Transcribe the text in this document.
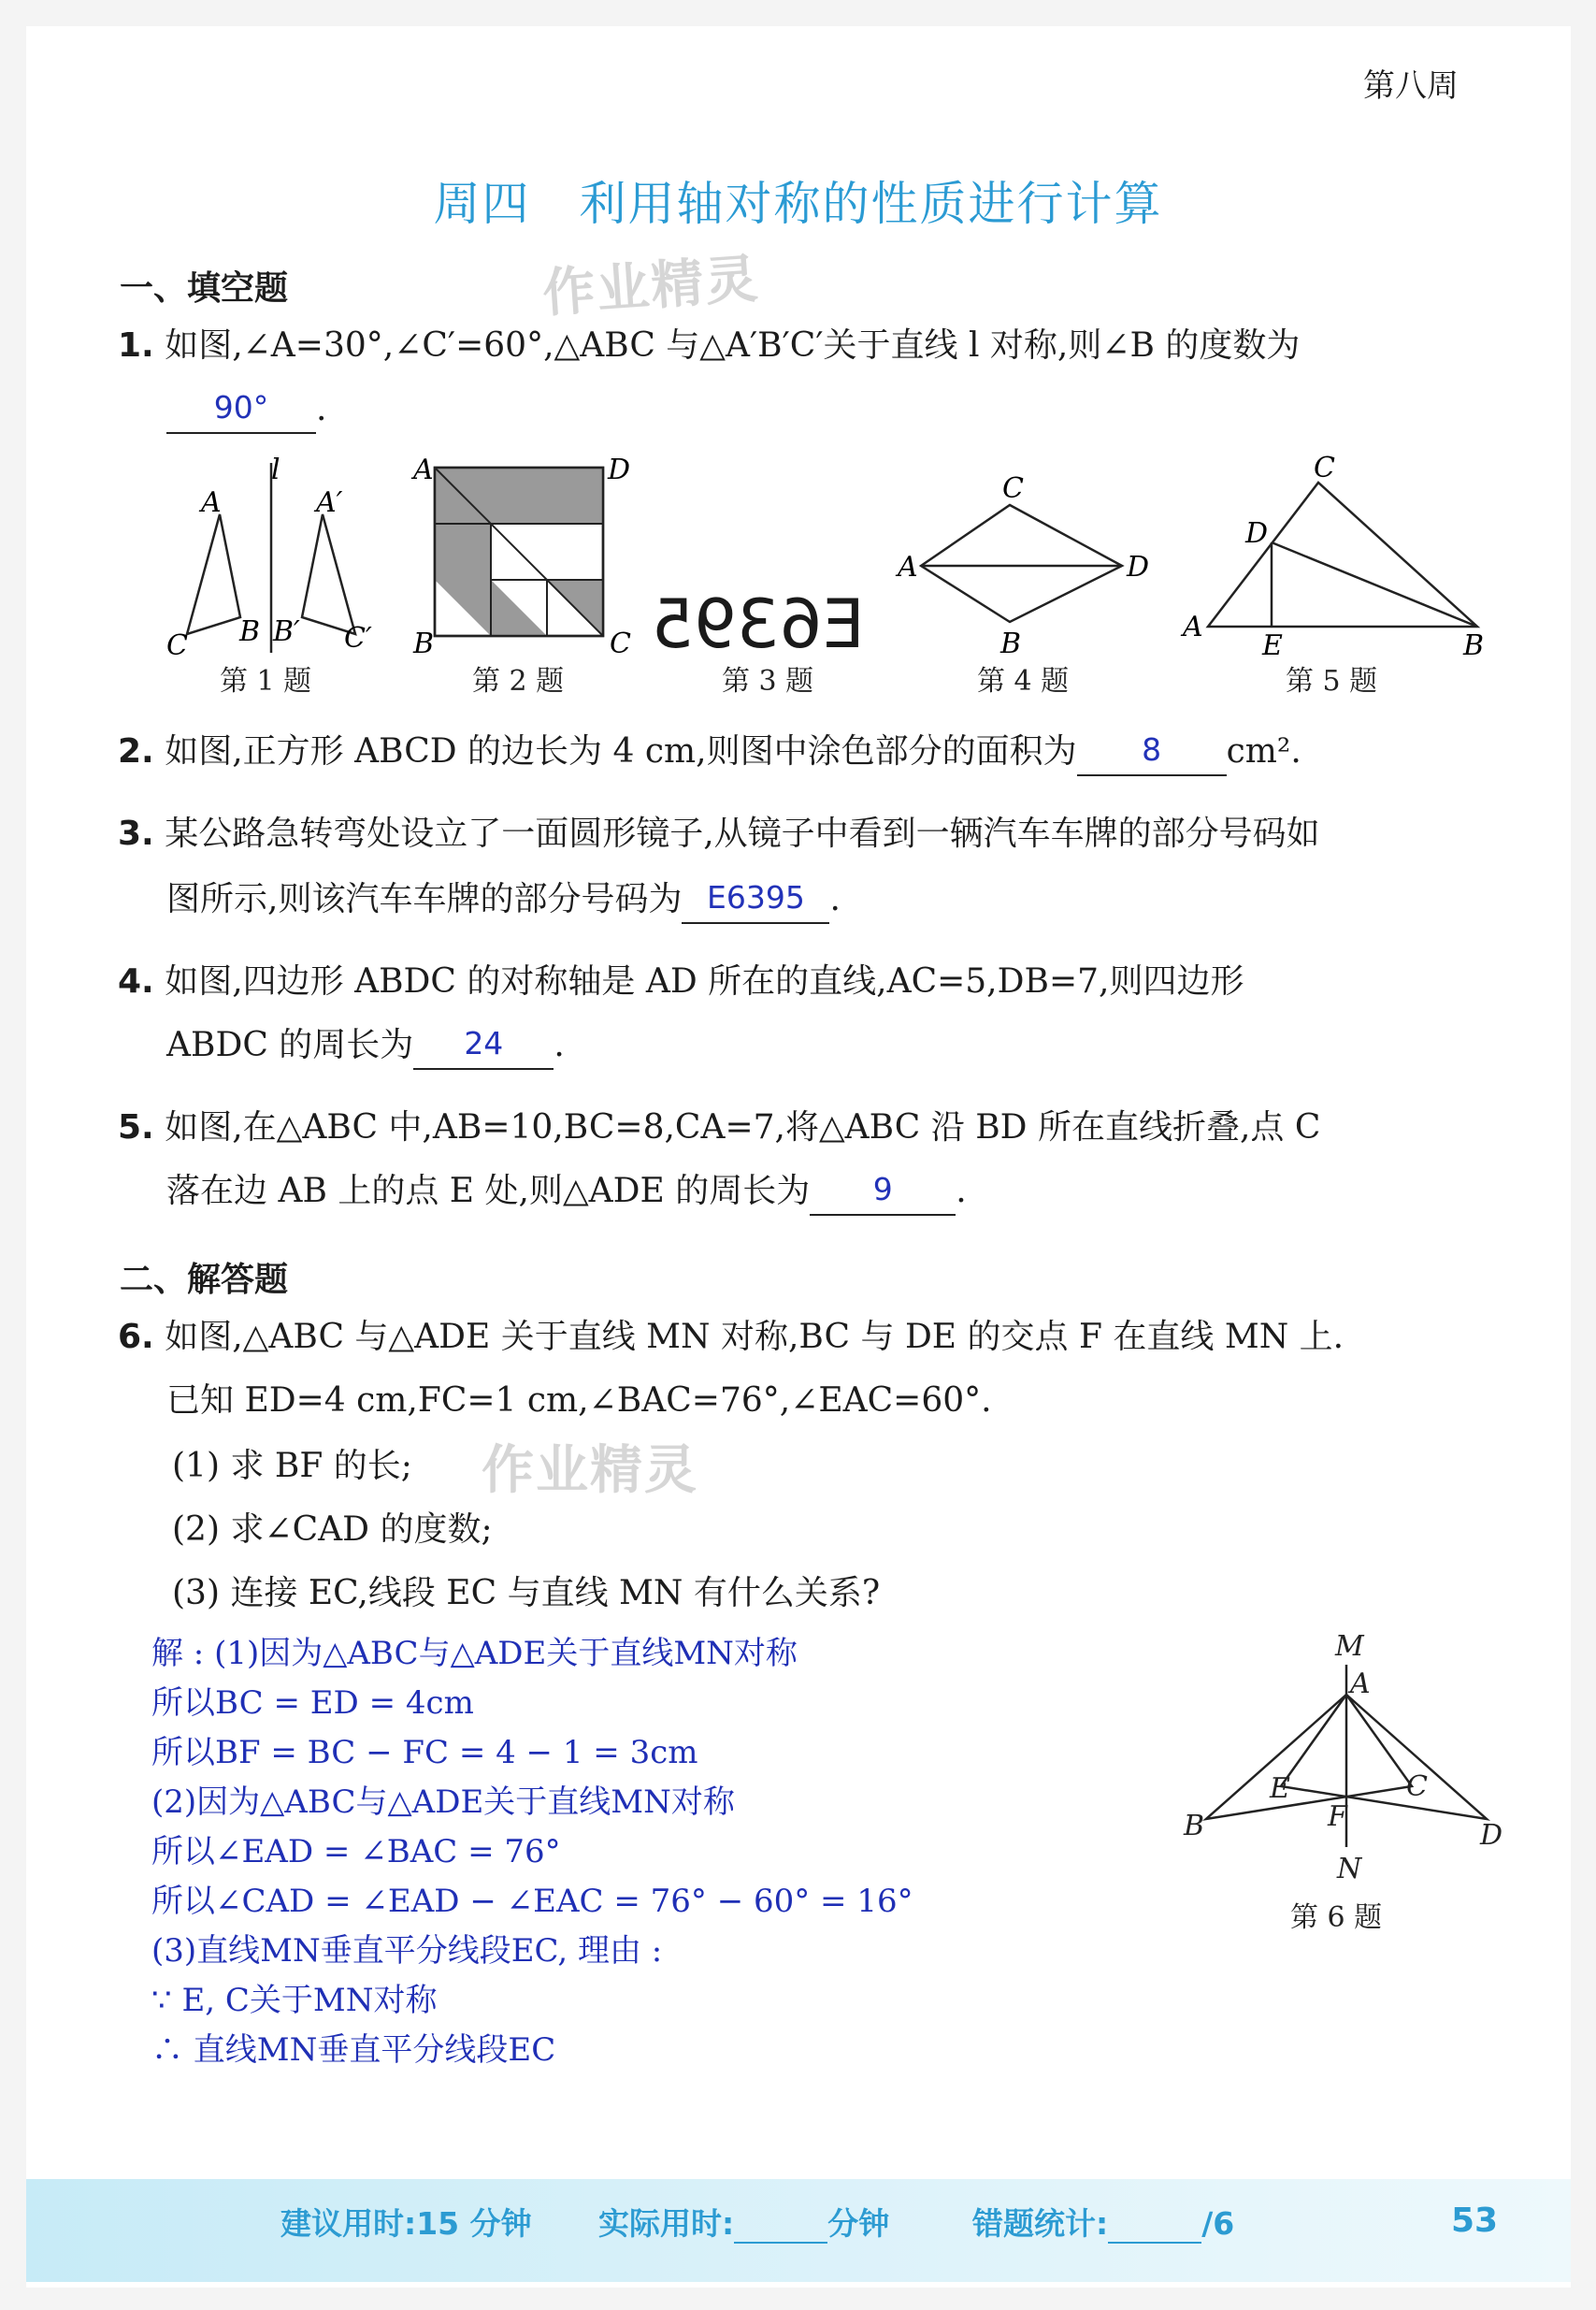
第八周
周四　利用轴对称的性质进行计算
作业精灵
一、填空题
1. 如图,∠A=30°,∠C′=60°,△ABC 与△A′B′C′关于直线 l 对称,则∠B 的度数为
90°	.
A
l
A′
C B B′ C′
A	D
B	C E6395
C
A	D
B
C
D
A
E	B
第 1 题	第 2 题	第 3 题	第 4 题	第 5 题
2. 如图,正方形 ABCD 的边长为 4 cm,则图中涂色部分的面积为	8	cm².
3. 某公路急转弯处设立了一面圆形镜子,从镜子中看到一辆汽车车牌的部分号码如
图所示,则该汽车车牌的部分号码为 E6395 .
4. 如图,四边形 ABDC 的对称轴是 AD 所在的直线,AC=5,DB=7,则四边形
ABDC 的周长为	24	.
5. 如图,在△ABC 中,AB=10,BC=8,CA=7,将△ABC 沿 BD 所在直线折叠,点 C
落在边 AB 上的点 E 处,则△ADE 的周长为	9	.
二、解答题
6. 如图,△ABC 与△ADE 关于直线 MN 对称,BC 与 DE 的交点 F 在直线 MN 上.
已知 ED=4 cm,FC=1 cm,∠BAC=76°,∠EAC=60°.
(1) 求 BF 的长; 作业精灵
(2) 求∠CAD 的度数;
(3) 连接 EC,线段 EC 与直线 MN 有什么关系?
解 : (1)因为△ABC与△ADE关于直线MN对称
所以BC = ED = 4cm
所以BF = BC − FC = 4 − 1 = 3cm
(2)因为△ABC与△ADE关于直线MN对称
所以∠EAD = ∠BAC = 76°
所以∠CAD = ∠EAD − ∠EAC = 76° − 60° = 16°
(3)直线MN垂直平分线段EC, 理由 :
∵ E, C关于MN对称
∴ 直线MN垂直平分线段EC
M
A
E	C
B	F
D
N
第 6 题
建议用时:15 分钟 实际用时:	分钟	错题统计:	/6	53
